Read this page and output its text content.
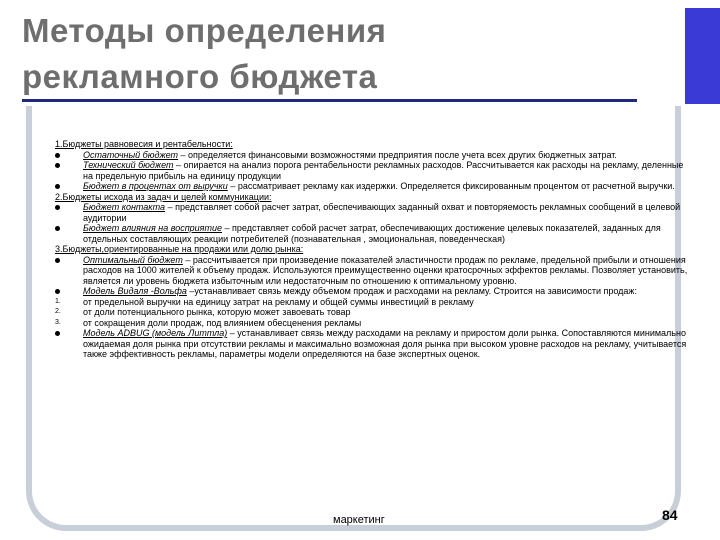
Методы определения
рекламного бюджета
1.Бюджеты равновесия и рентабельности:
Остаточный бюджет – определяется финансовыми возможностями предприятия после учета всех других бюджетных затрат.
Технический бюджет – опирается на анализ порога рентабельности рекламных расходов. Рассчитывается как расходы на рекламу, деленные на предельную прибыль на единицу продукции
Бюджет в процентах от выручки – рассматривает рекламу как издержки. Определяется фиксированным процентом от расчетной выручки.
2.Бюджеты исхода из задач и целей коммуникации:
Бюджет контакта – представляет собой расчет затрат, обеспечивающих заданный охват и повторяемость рекламных сообщений в целевой аудитории
Бюджет влияния на восприятие – представляет собой расчет затрат, обеспечивающих достижение целевых показателей, заданных для отдельных составляющих реакции потребителей (познавательная , эмоциональная, поведенческая)
3.Бюджеты,ориентированные на продажи или долю рынка:
Оптимальный бюджет – рассчитывается при произведение показателей эластичности продаж по рекламе, предельной прибыли и отношения расходов на 1000 жителей к объему продаж. Используются преимущественно оценки кратосрочных эффектов рекламы. Позволяет установить, является ли уровень бюджета избыточным или недостаточным по отношению к оптимальному уровню.
Модель Видаля -Вольфа –устанавливает связь между объемом продаж и расходами на рекламу. Строится на зависимости продаж:
1.	от предельной выручки на единицу затрат на рекламу и общей суммы инвестиций в рекламу
2.	от доли потенциального рынка, которую может завоевать товар
3.	от сокращения доли продаж, под влиянием обесценения рекламы
Модель ADBUG (модель Литтла) – устанавливает связь между расходами на рекламу и приростом доли рынка. Сопоставляются минимально ожидаемая доля рынка при отсутствии рекламы и максимально возможная доля рынка при высоком уровне расходов на рекламу, учитывается также эффективность рекламы, параметры модели определяются на базе экспертных оценок.
маркетинг	84
